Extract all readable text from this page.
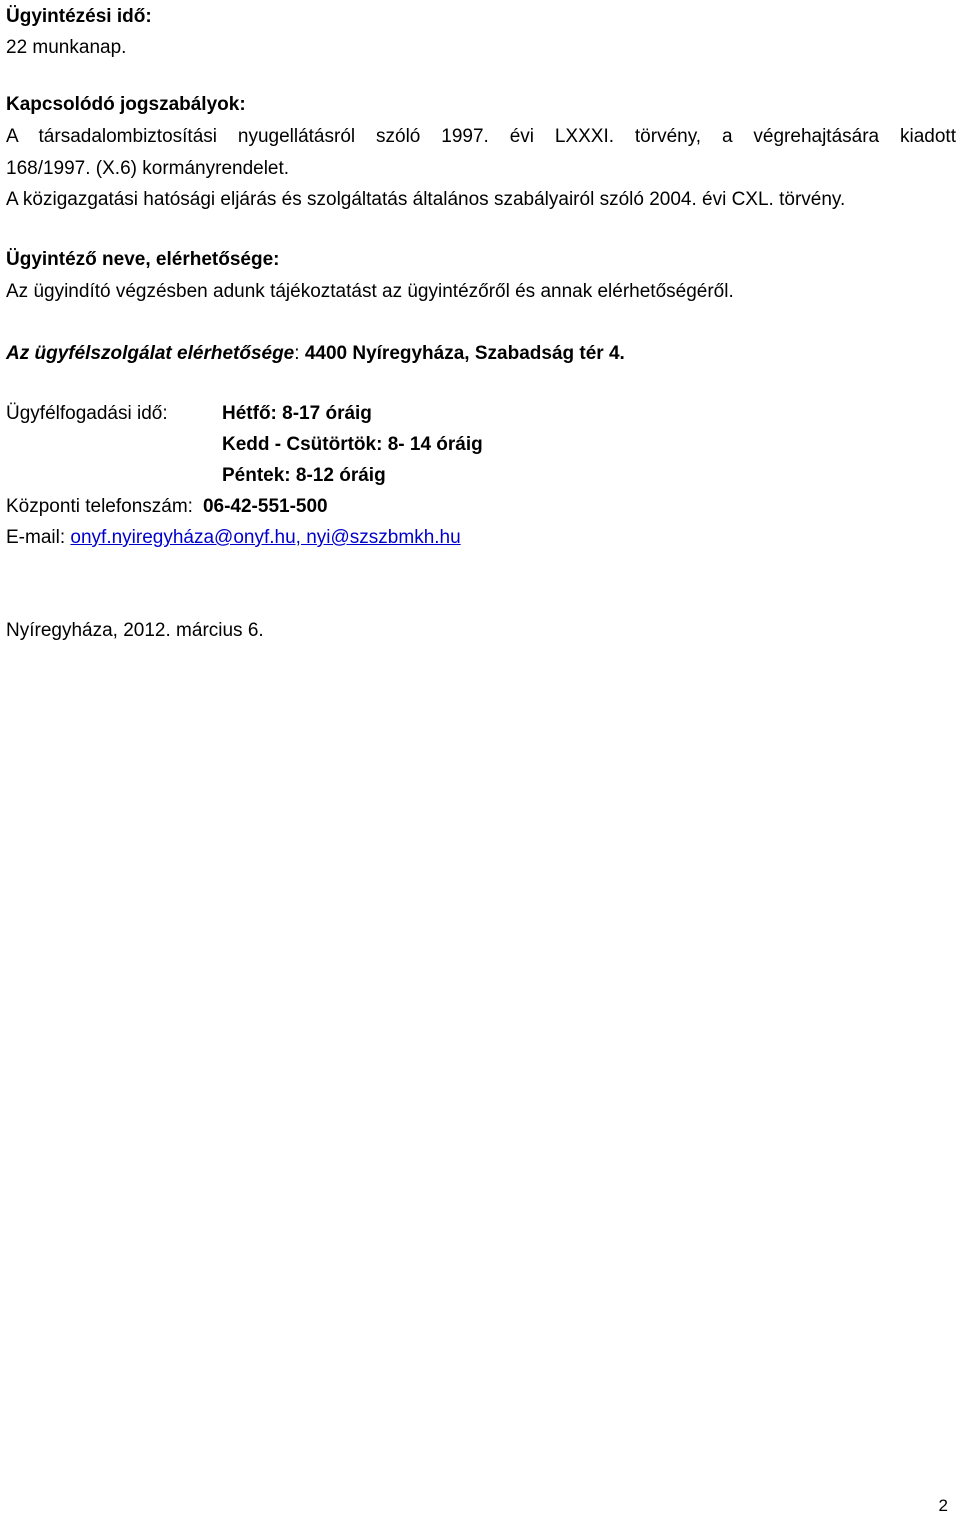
Ügyintézési idő:
22 munkanap.
Kapcsolódó jogszabályok:
A társadalombiztosítási nyugellátásról szóló 1997. évi LXXXI. törvény, a végrehajtására kiadott
168/1997. (X.6) kormányrendelet.
A közigazgatási hatósági eljárás és szolgáltatás általános szabályairól szóló 2004. évi CXL. törvény.
Ügyintéző neve, elérhetősége:
Az ügyindító végzésben adunk tájékoztatást az ügyintézőről és annak elérhetőségéről.
Az ügyfélszolgálat elérhetősége: 4400 Nyíregyháza, Szabadság tér 4.
Ügyfélfogadási idő:	Hétfő: 8-17 óráig
Kedd - Csütörtök: 8- 14 óráig
Péntek: 8-12 óráig
Központi telefonszám: 06-42-551-500
E-mail: onyf.nyiregyháza@onyf.hu, nyi@szszbmkh.hu
Nyíregyháza, 2012. március 6.
2
